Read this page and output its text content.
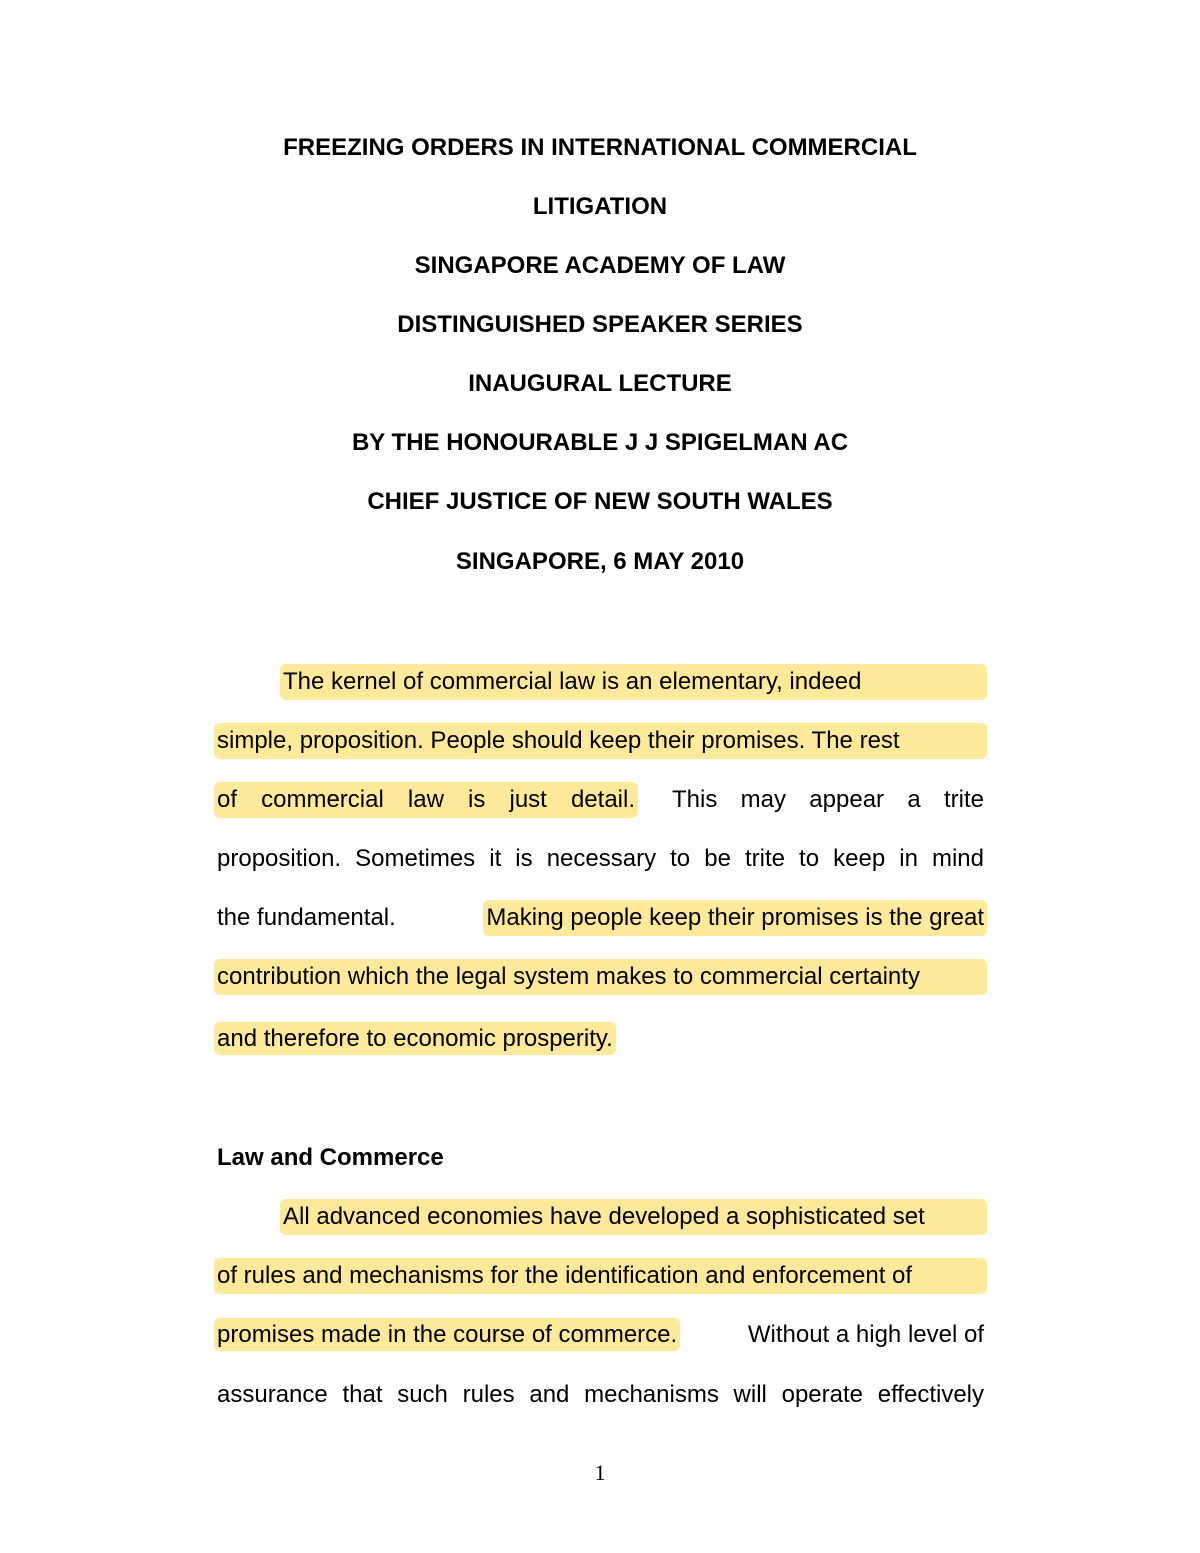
FREEZING ORDERS IN INTERNATIONAL COMMERCIAL
LITIGATION
SINGAPORE ACADEMY OF LAW
DISTINGUISHED SPEAKER SERIES
INAUGURAL LECTURE
BY THE HONOURABLE J J SPIGELMAN AC
CHIEF JUSTICE OF NEW SOUTH WALES
SINGAPORE, 6 MAY 2010
The kernel of commercial law is an elementary, indeed
simple, proposition. People should keep their promises. The rest
of commercial law is just detail. This may appear a trite
proposition. Sometimes it is necessary to be trite to keep in mind
the fundamental.	Making people keep their promises is the great
contribution which the legal system makes to commercial certainty
and therefore to economic prosperity.
Law and Commerce
All advanced economies have developed a sophisticated set
of rules and mechanisms for the identification and enforcement of
promises made in the course of commerce.	Without a high level of
assurance that such rules and mechanisms will operate effectively
1
